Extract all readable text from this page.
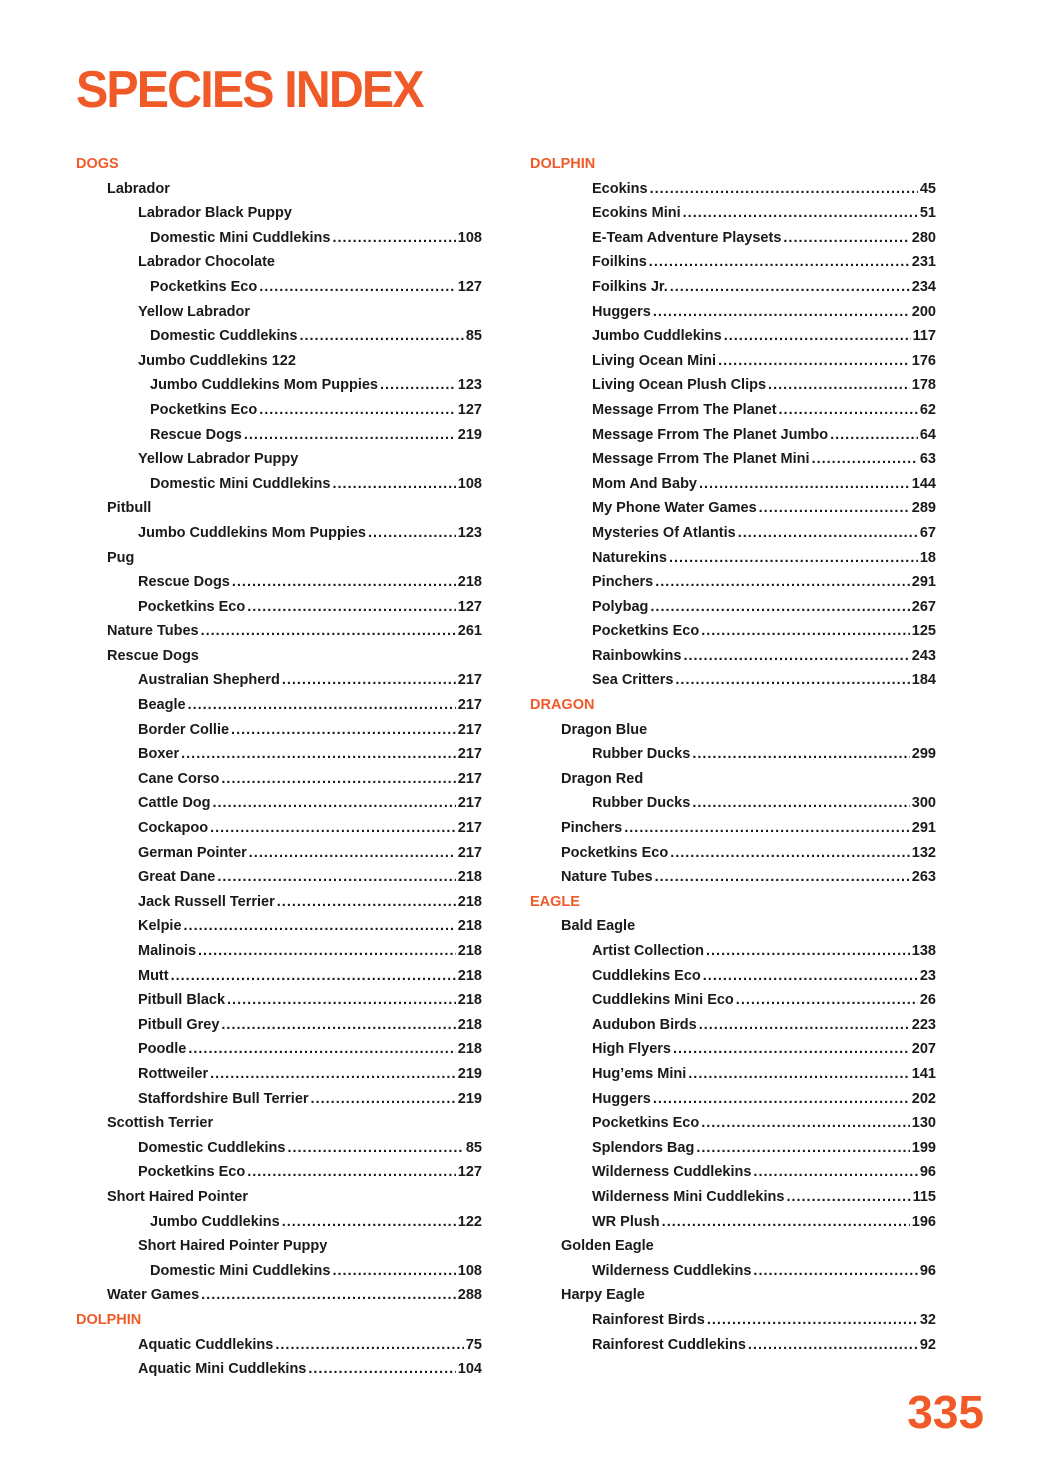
SPECIES INDEX
DOGS
Labrador
Labrador Black Puppy
Domestic Mini Cuddlekins .....	108
Labrador Chocolate
Pocketkins Eco .....	127
Yellow Labrador
Domestic Cuddlekins .....	85
Jumbo Cuddlekins 122
Jumbo Cuddlekins Mom Puppies .....	123
Pocketkins Eco .....	127
Rescue Dogs .....	219
Yellow Labrador Puppy
Domestic Mini Cuddlekins .....	108
Pitbull
Jumbo Cuddlekins Mom Puppies .....	123
Pug
Rescue Dogs .....	218
Pocketkins Eco .....	127
Nature Tubes .....	261
Rescue Dogs
Australian Shepherd .....	217
Beagle .....	217
Border Collie .....	217
Boxer .....	217
Cane Corso .....	217
Cattle Dog .....	217
Cockapoo .....	217
German Pointer .....	217
Great Dane .....	218
Jack Russell Terrier .....	218
Kelpie .....	218
Malinois .....	218
Mutt .....	218
Pitbull Black .....	218
Pitbull Grey .....	218
Poodle .....	218
Rottweiler .....	219
Staffordshire Bull Terrier .....	219
Scottish Terrier
Domestic Cuddlekins .....	85
Pocketkins Eco .....	127
Short Haired Pointer
Jumbo Cuddlekins .....	122
Short Haired Pointer Puppy
Domestic Mini Cuddlekins .....	108
Water Games .....	288
DOLPHIN
Aquatic Cuddlekins .....	75
Aquatic Mini Cuddlekins .....	104
DOLPHIN
Ecokins .....	45
Ecokins Mini .....	51
E-Team Adventure Playsets .....	280
Foilkins .....	231
Foilkins Jr. .....	234
Huggers .....	200
Jumbo Cuddlekins .....	117
Living Ocean Mini .....	176
Living Ocean Plush Clips .....	178
Message Frrom The Planet .....	62
Message Frrom The Planet Jumbo .....	64
Message Frrom The Planet Mini .....	63
Mom And Baby .....	144
My Phone Water Games .....	289
Mysteries Of Atlantis .....	67
Naturekins .....	18
Pinchers .....	291
Polybag .....	267
Pocketkins Eco .....	125
Rainbowkins .....	243
Sea Critters .....	184
DRAGON
Dragon Blue
Rubber Ducks .....	299
Dragon Red
Rubber Ducks .....	300
Pinchers .....	291
Pocketkins Eco .....	132
Nature Tubes .....	263
EAGLE
Bald Eagle
Artist Collection .....	138
Cuddlekins Eco .....	23
Cuddlekins Mini Eco .....	26
Audubon Birds .....	223
High Flyers .....	207
Hug’ems Mini .....	141
Huggers .....	202
Pocketkins Eco .....	130
Splendors Bag .....	199
Wilderness Cuddlekins .....	96
Wilderness Mini Cuddlekins .....	115
WR Plush .....	196
Golden Eagle
Wilderness Cuddlekins .....	96
Harpy Eagle
Rainforest Birds .....	32
Rainforest Cuddlekins .....	92
335
